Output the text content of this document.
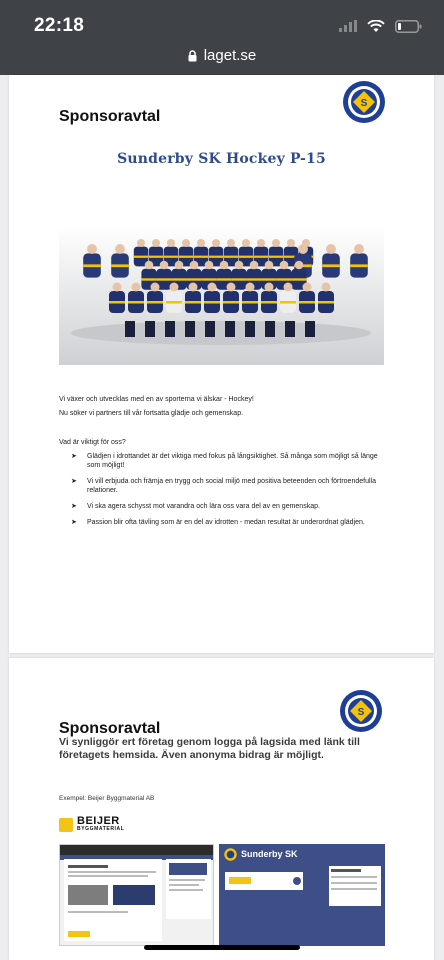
22:18
laget.se
Sponsoravtal
S
Sunderby SK Hockey P-15
Vi växer och utvecklas med en av sporterna vi älskar - Hockey!
Nu söker vi partners till vår fortsatta glädje och gemenskap.
Vad är viktigt för oss?
➤ Glädjen i idrottandet är det viktiga med fokus på långsiktighet. Så många som möjligt så länge som möjligt!
➤ Vi vill erbjuda och främja en trygg och social miljö med positiva beteenden och förtroendefulla relationer.
➤ Vi ska agera schysst mot varandra och lära oss vara del av en gemenskap.
➤ Passion blir ofta tävling som är en del av idrotten - medan resultat är underordnat glädjen.
Sponsoravtal
S
Vi synliggör ert företag genom logga på lagsida med länk till företagets hemsida. Även anonyma bidrag är möjligt.
Exempel: Beijer Byggmaterial AB
BEIJER
BYGGMATERIAL
Sunderby SK
